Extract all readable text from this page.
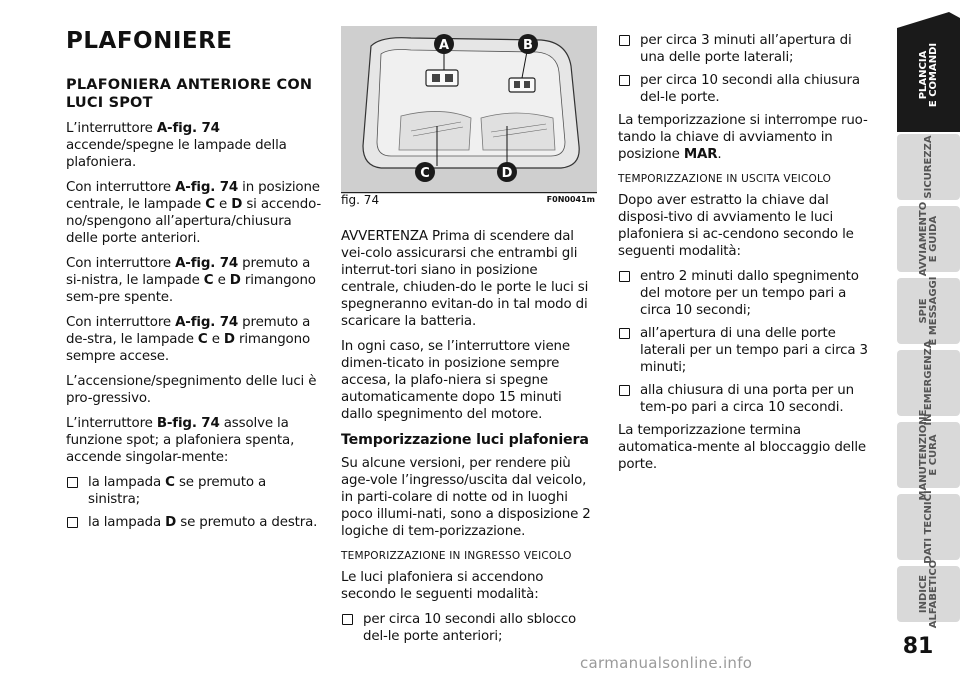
PLAFONIERE
PLAFONIERA ANTERIORE CON LUCI SPOT

L’interruttore A-fig. 74 accende/spegne le lampade della plafoniera.

Con interruttore A-fig. 74 in posizione centrale, le lampade C e D si accendo-no/spengono all’apertura/chiusura delle porte anteriori.

Con interruttore A-fig. 74 premuto a si-nistra, le lampade C e D rimangono sem-pre spente.

Con interruttore A-fig. 74 premuto a de-stra, le lampade C e D rimangono sempre accese.

L’accensione/spegnimento delle luci è pro-gressivo.

L’interruttore B-fig. 74 assolve la funzione spot; a plafoniera spenta, accende singolar-mente:

la lampada C se premuto a sinistra;

la lampada D se premuto a destra.

A	B
C	D
fig. 74	F0N0041m

AVVERTENZA Prima di scendere dal vei-colo assicurarsi che entrambi gli interrut-tori siano in posizione centrale, chiuden-do le porte le luci si spegneranno evitan-do in tal modo di scaricare la batteria.

In ogni caso, se l’interruttore viene dimen-ticato in posizione sempre accesa, la plafo-niera si spegne automaticamente dopo 15 minuti dallo spegnimento del motore.

Temporizzazione luci plafoniera

Su alcune versioni, per rendere più age-vole l’ingresso/uscita dal veicolo, in parti-colare di notte od in luoghi poco illumi-nati, sono a disposizione 2 logiche di tem-porizzazione.

TEMPORIZZAZIONE IN INGRESSO VEICOLO

Le luci plafoniera si accendono secondo le seguenti modalità:

per circa 10 secondi allo sblocco del-le porte anteriori;

per circa 3 minuti all’apertura di una delle porte laterali;

per circa 10 secondi alla chiusura del-le porte.

La temporizzazione si interrompe ruo-tando la chiave di avviamento in posizione MAR.

TEMPORIZZAZIONE IN USCITA VEICOLO

Dopo aver estratto la chiave dal disposi-tivo di avviamento le luci plafoniera si ac-cendono secondo le seguenti modalità:

entro 2 minuti dallo spegnimento del motore per un tempo pari a circa 10 secondi;

all’apertura di una delle porte laterali per un tempo pari a circa 3 minuti;

alla chiusura di una porta per un tem-po pari a circa 10 secondi.

La temporizzazione termina automatica-mente al bloccaggio delle porte.

PLANCIA E COMANDI
SICUREZZA
AVVIAMENTO E GUIDA
SPIE E MESSAGGI
IN EMERGENZA
MANUTENZIONE E CURA
DATI TECNICI
INDICE ALFABETICO
81
carmanualsonline.info
